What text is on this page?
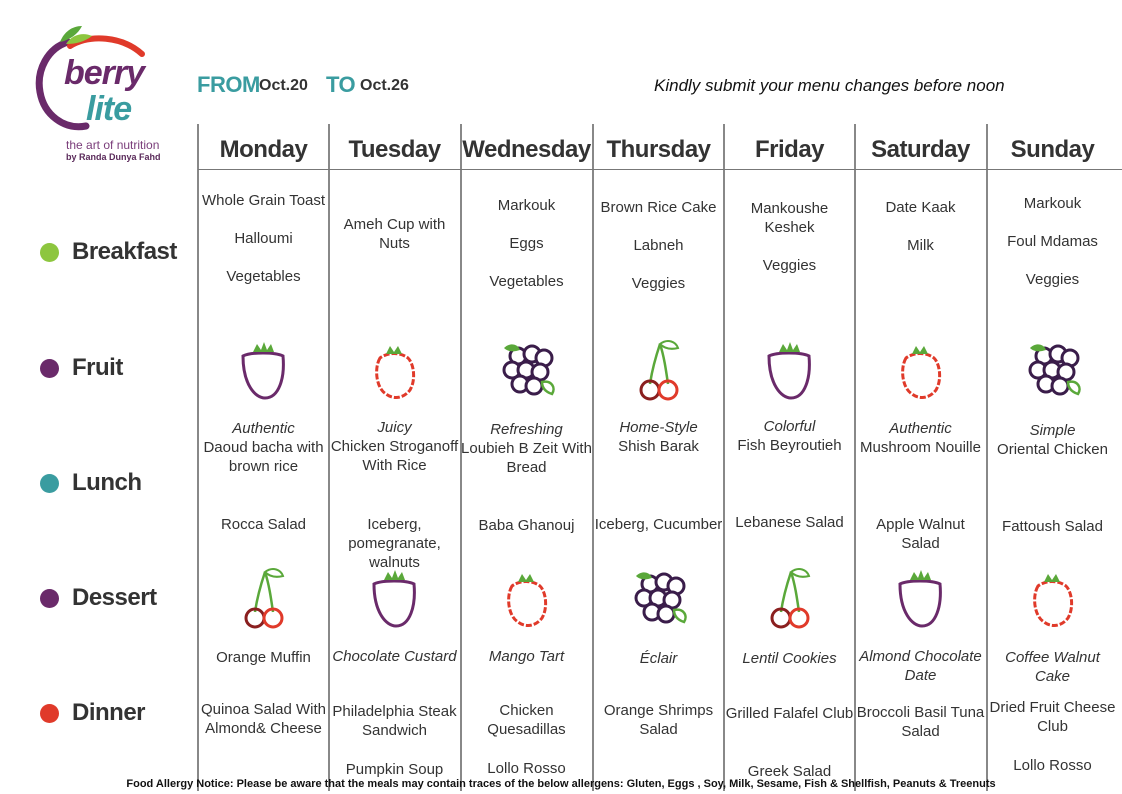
berry
lite
the art of nutrition
by Randa Dunya Fahd
FROM Oct.20 TO Oct.26	Kindly submit your menu changes before noon
Breakfast
Fruit
Lunch
Dessert
Dinner
Monday
Whole Grain Toast
Halloumi
Vegetables
Authentic
Daoud bacha with brown rice
Rocca Salad
Orange Muffin
Quinoa Salad With Almond& Cheese
Tuesday
Ameh Cup with Nuts
Juicy
Chicken Stroganoff With Rice
Iceberg, pomegranate, walnuts
Chocolate Custard
Philadelphia Steak Sandwich
Pumpkin Soup
Wednesday
Markouk
Eggs
Vegetables
Refreshing
Loubieh B Zeit With Bread
Baba Ghanouj
Mango Tart
Chicken Quesadillas
Lollo Rosso
Thursday
Brown Rice Cake
Labneh
Veggies
Home-Style
Shish Barak
Iceberg, Cucumber
Éclair
Orange Shrimps Salad
Friday
Mankoushe Keshek
Veggies
Colorful
Fish Beyroutieh
Lebanese Salad
Lentil Cookies
Grilled Falafel Club
Greek Salad
Saturday
Date Kaak
Milk
Authentic
Mushroom Nouille
Apple Walnut Salad
Almond Chocolate Date
Broccoli Basil Tuna Salad
Sunday
Markouk
Foul Mdamas
Veggies
Simple
Oriental Chicken
Fattoush Salad
Coffee Walnut Cake
Dried Fruit Cheese Club
Lollo Rosso
Food Allergy Notice: Please be aware that the meals may contain traces of the below allergens: Gluten, Eggs , Soy, Milk, Sesame, Fish & Shellfish, Peanuts & Treenuts
